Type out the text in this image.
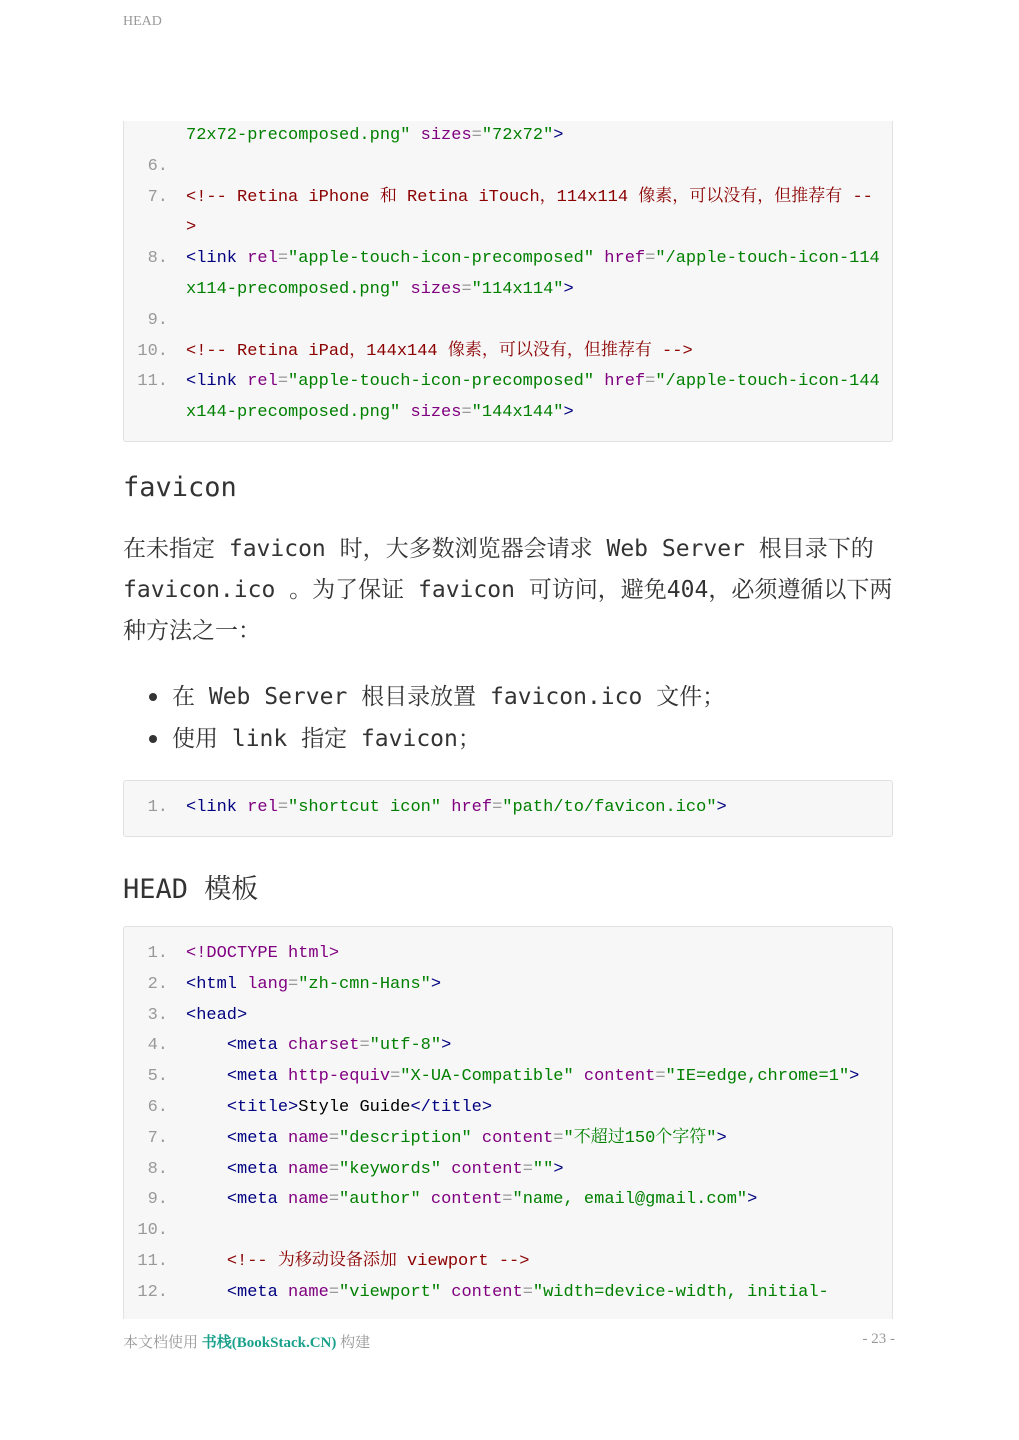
HEAD
72x72-precomposed.png" sizes="72x72">
6.

7. <!-- Retina iPhone 和 Retina iTouch，114x114 像素，可以没有，但推荐有 -->
8. <link rel="apple-touch-icon-precomposed" href="/apple-touch-icon-114x114-precomposed.png" sizes="114x114">
9.

10. <!-- Retina iPad，144x144 像素，可以没有，但推荐有 -->
11. <link rel="apple-touch-icon-precomposed" href="/apple-touch-icon-144x144-precomposed.png" sizes="144x144">
favicon

在未指定 favicon 时，大多数浏览器会请求 Web Server 根目录下的 favicon.ico 。为了保证 favicon 可访问，避免404，必须遵循以下两种方法之一：

在 Web Server 根目录放置 favicon.ico 文件；
使用 link 指定 favicon；
1. <link rel="shortcut icon" href="path/to/favicon.ico">
HEAD 模板
1. <!DOCTYPE html>
2. <html lang="zh-cmn-Hans">
3. <head>
4.	<meta charset="utf-8">
5.	<meta http-equiv="X-UA-Compatible" content="IE=edge,chrome=1">
6.	<title>Style Guide</title>
7.	<meta name="description" content="不超过150个字符">
8.	<meta name="keywords" content="">
9.	<meta name="author" content="name, email@gmail.com">
10.

11.	<!-- 为移动设备添加 viewport -->
12.	<meta name="viewport" content="width=device-width, initial-
本文档使用 书栈(BookStack.CN) 构建	- 23 -
